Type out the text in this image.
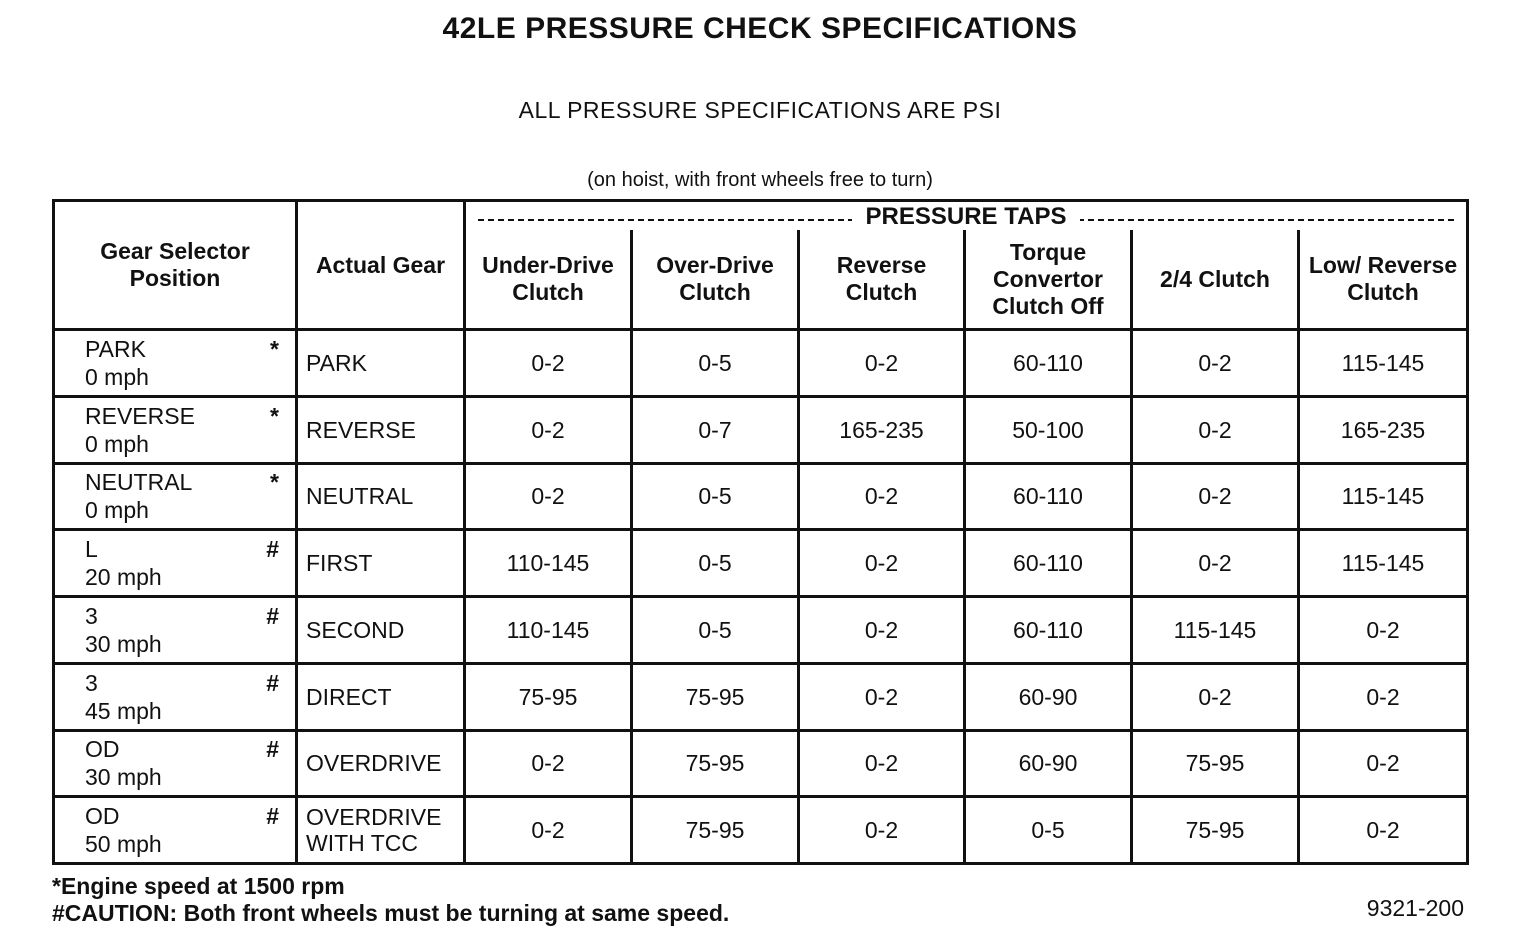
42LE PRESSURE CHECK SPECIFICATIONS
ALL PRESSURE SPECIFICATIONS ARE PSI
(on hoist, with front wheels free to turn)
Gear Selector Position	Actual Gear	PRESSURE TAPS					
		Under-Drive Clutch	Over-Drive Clutch	Reverse Clutch	Torque Convertor Clutch Off	2/4 Clutch	Low/ Reverse Clutch

PARK *
0 mph	PARK	0-2	0-5	0-2	60-110	0-2	115-145

REVERSE *
0 mph	REVERSE	0-2	0-7	165-235	50-100	0-2	165-235

NEUTRAL *
0 mph	NEUTRAL	0-2	0-5	0-2	60-110	0-2	115-145

L #
20 mph	FIRST	110-145	0-5	0-2	60-110	0-2	115-145

3 #
30 mph	SECOND	110-145	0-5	0-2	60-110	115-145	0-2

3 #
45 mph	DIRECT	75-95	75-95	0-2	60-90	0-2	0-2

OD #
30 mph	OVERDRIVE	0-2	75-95	0-2	60-90	75-95	0-2

OD #
50 mph	OVERDRIVE WITH TCC	0-2	75-95	0-2	0-5	75-95	0-2
*Engine speed at 1500 rpm
#CAUTION: Both front wheels must be turning at same speed.	9321-200
